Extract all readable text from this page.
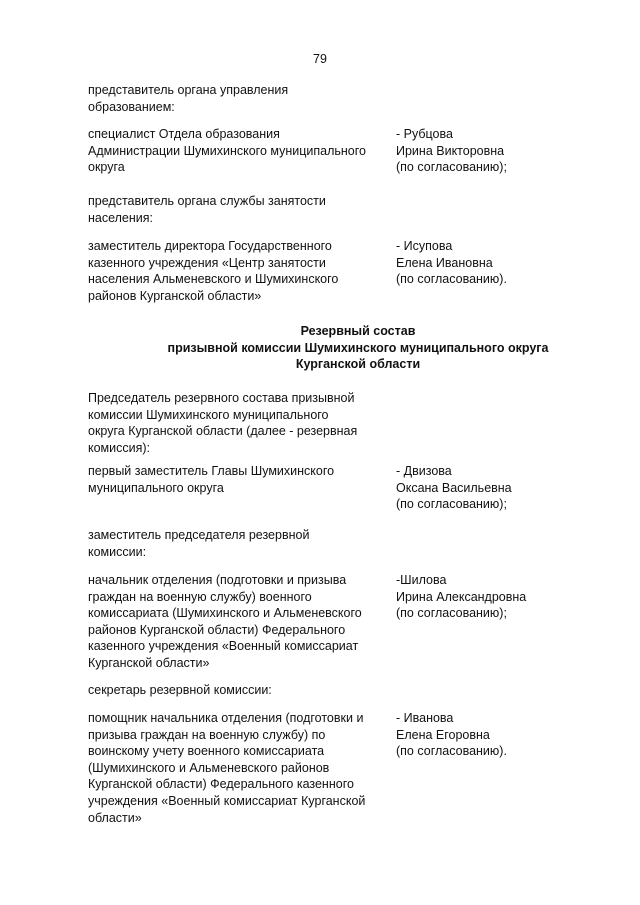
79
представитель органа управления
образованием:
специалист Отдела образования
Администрации Шумихинского муниципального
округа
- Рубцова
Ирина Викторовна
(по согласованию);
представитель органа службы занятости
населения:
заместитель директора Государственного
казенного учреждения «Центр занятости
населения Альменевского и Шумихинского
районов Курганской области»
- Исупова
Елена Ивановна
(по согласованию).
Резервный состав
призывной комиссии Шумихинского муниципального округа
Курганской области
Председатель резервного состава призывной
комиссии Шумихинского муниципального
округа Курганской области (далее - резервная
комиссия):
первый заместитель Главы Шумихинского
муниципального округа
- Двизова
Оксана Васильевна
(по согласованию);
заместитель председателя резервной
комиссии:
начальник отделения (подготовки и призыва
граждан на военную службу) военного
комиссариата (Шумихинского и Альменевского
районов Курганской области) Федерального
казенного учреждения «Военный комиссариат
Курганской области»
-Шилова
Ирина Александровна
(по согласованию);
секретарь резервной комиссии:
помощник начальника отделения (подготовки и
призыва граждан на военную службу) по
воинскому учету военного комиссариата
(Шумихинского и Альменевского районов
Курганской области) Федерального казенного
учреждения «Военный комиссариат Курганской
области»
- Иванова
Елена Егоровна
(по согласованию).
